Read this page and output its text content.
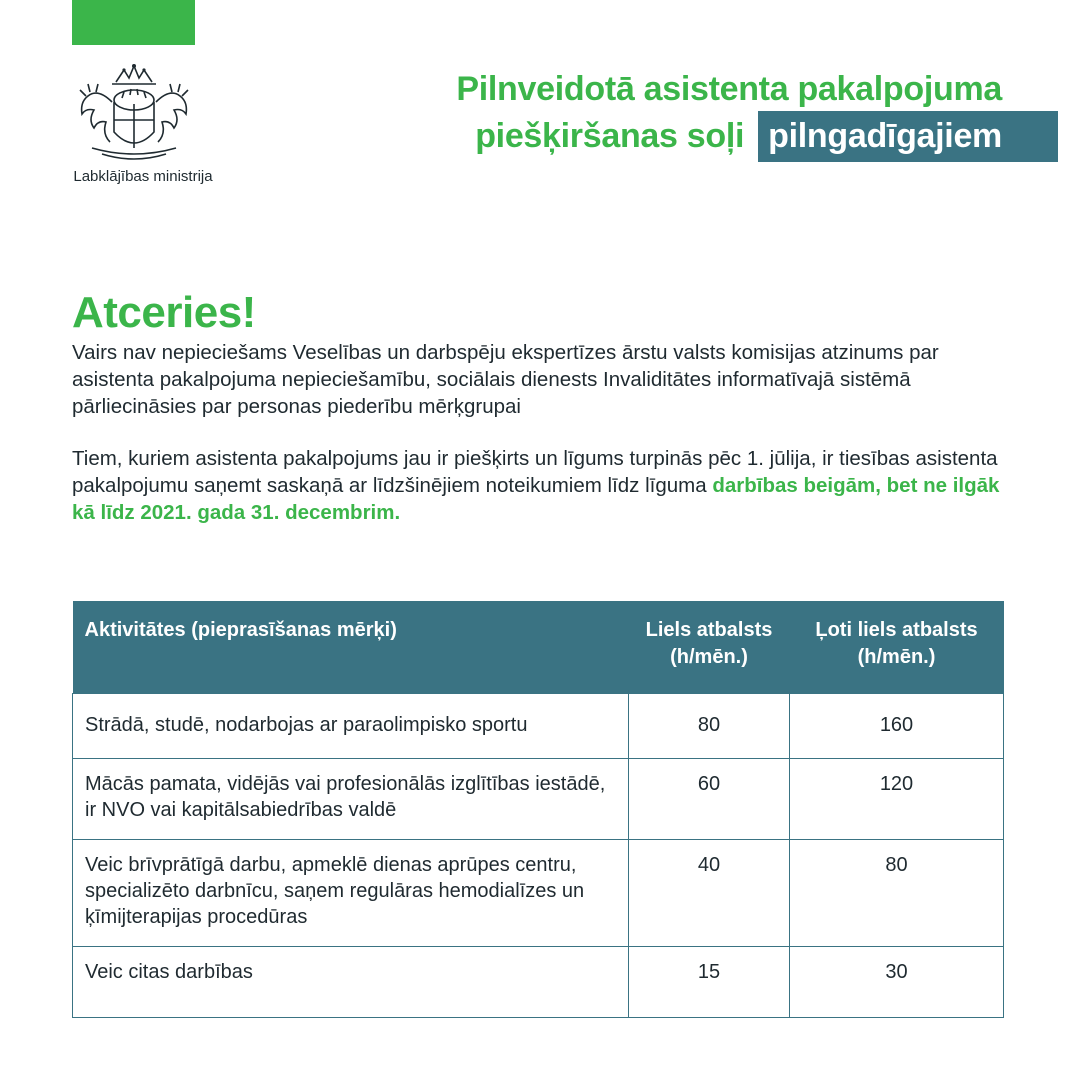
Labklājības ministrija
Pilnveidotā asistenta pakalpojuma
piešķiršanas soļi pilngadīgajiem
Atceries!
Vairs nav nepieciešams Veselības un darbspēju ekspertīzes ārstu valsts komisijas atzinums par asistenta pakalpojuma nepieciešamību, sociālais dienests Invaliditātes informatīvajā sistēmā pārliecināsies par personas piederību mērķgrupai
Tiem, kuriem asistenta pakalpojums jau ir piešķirts un līgums turpinās pēc 1. jūlija, ir tiesības asistenta pakalpojumu saņemt saskaņā ar līdzšinējiem noteikumiem līdz līguma darbības beigām, bet ne ilgāk kā līdz 2021. gada 31. decembrim.
Aktivitātes (pieprasīšanas mērķi)	Liels atbalsts (h/mēn.)	Ļoti liels atbalsts (h/mēn.)
Strādā, studē, nodarbojas ar paraolimpisko sportu	80	160
Mācās pamata, vidējās vai profesionālās izglītības iestādē, ir NVO vai kapitālsabiedrības valdē	60	120
Veic brīvprātīgā darbu, apmeklē dienas aprūpes centru, specializēto darbnīcu, saņem regulāras hemodialīzes un ķīmijterapijas procedūras	40	80
Veic citas darbības	15	30
